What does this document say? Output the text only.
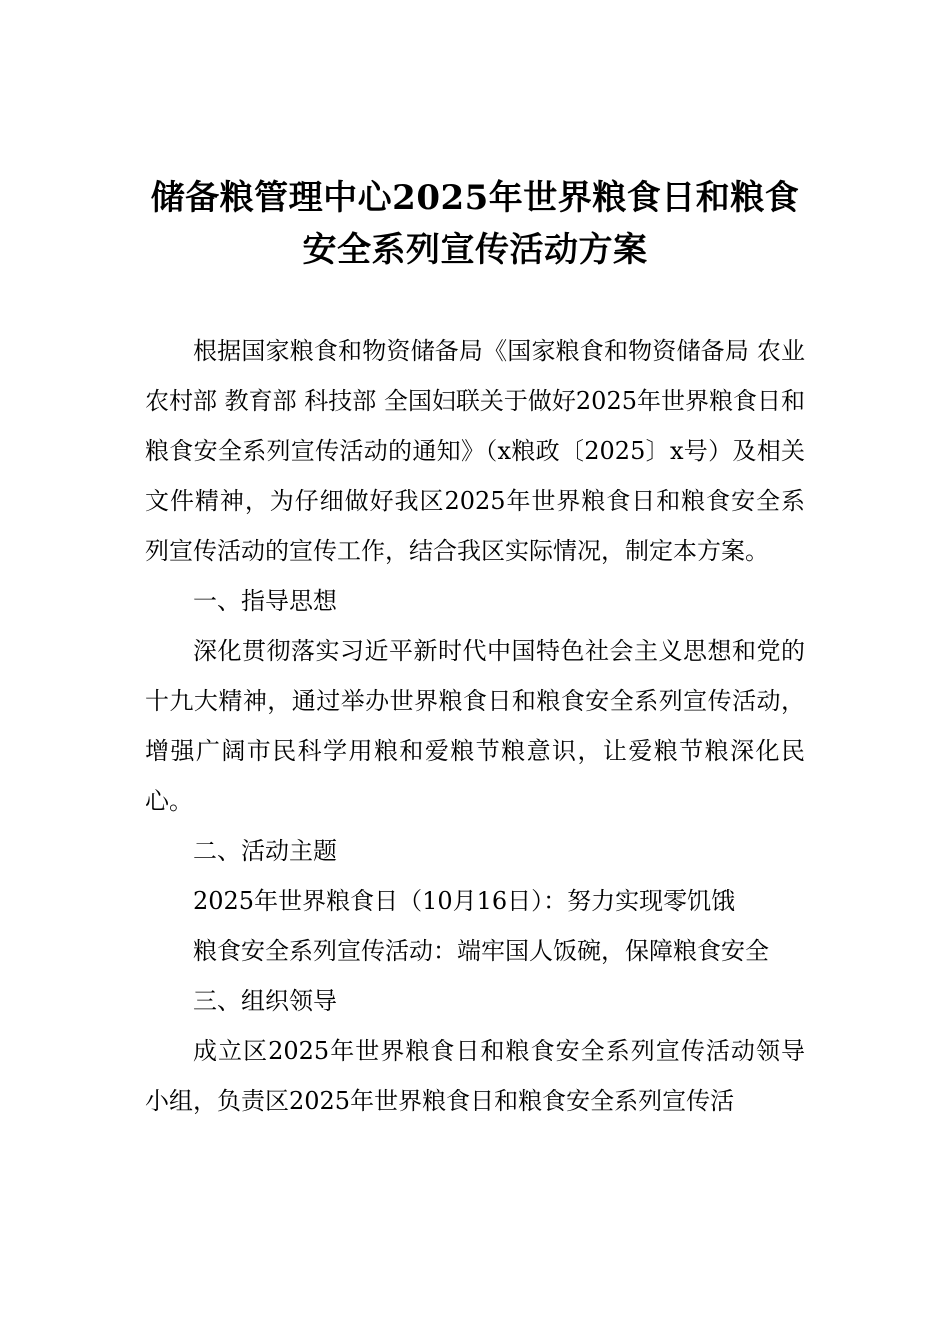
储备粮管理中心2025年世界粮食日和粮食
安全系列宣传活动方案

根据国家粮食和物资储备局《国家粮食和物资储备局 农业农村部 教育部 科技部 全国妇联关于做好2025年世界粮食日和粮食安全系列宣传活动的通知》（x粮政〔2025〕x号）及相关文件精神，为仔细做好我区2025年世界粮食日和粮食安全系列宣传活动的宣传工作，结合我区实际情况，制定本方案。

一、指导思想

深化贯彻落实习近平新时代中国特色社会主义思想和党的十九大精神，通过举办世界粮食日和粮食安全系列宣传活动，增强广阔市民科学用粮和爱粮节粮意识，让爱粮节粮深化民心。

二、活动主题

2025年世界粮食日（10月16日）：努力实现零饥饿

粮食安全系列宣传活动：端牢国人饭碗，保障粮食安全

三、组织领导

成立区2025年世界粮食日和粮食安全系列宣传活动领导小组，负责区2025年世界粮食日和粮食安全系列宣传活
